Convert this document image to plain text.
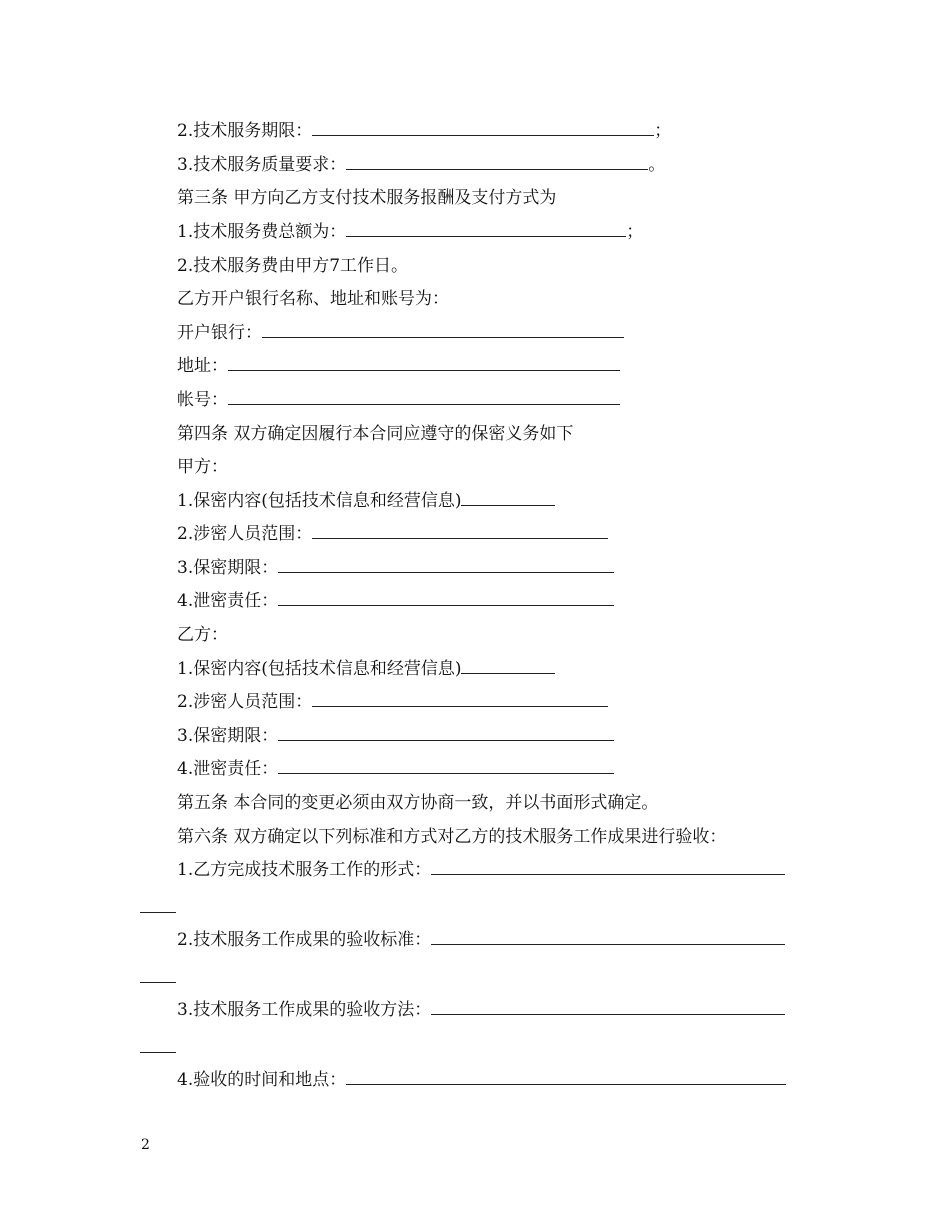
2.技术服务期限：	；
3.技术服务质量要求：	。
第三条 甲方向乙方支付技术服务报酬及支付方式为
1.技术服务费总额为：	；
2.技术服务费由甲方7工作日。
乙方开户银行名称、地址和账号为：
开户银行：
地址：
帐号：
第四条 双方确定因履行本合同应遵守的保密义务如下
甲方：
1.保密内容(包括技术信息和经营信息)
2.涉密人员范围：
3.保密期限：
4.泄密责任：
乙方：
1.保密内容(包括技术信息和经营信息)
2.涉密人员范围：
3.保密期限：
4.泄密责任：
第五条 本合同的变更必须由双方协商一致，并以书面形式确定。
第六条 双方确定以下列标准和方式对乙方的技术服务工作成果进行验收：
1.乙方完成技术服务工作的形式：
2.技术服务工作成果的验收标准：
3.技术服务工作成果的验收方法：
4.验收的时间和地点：
2
